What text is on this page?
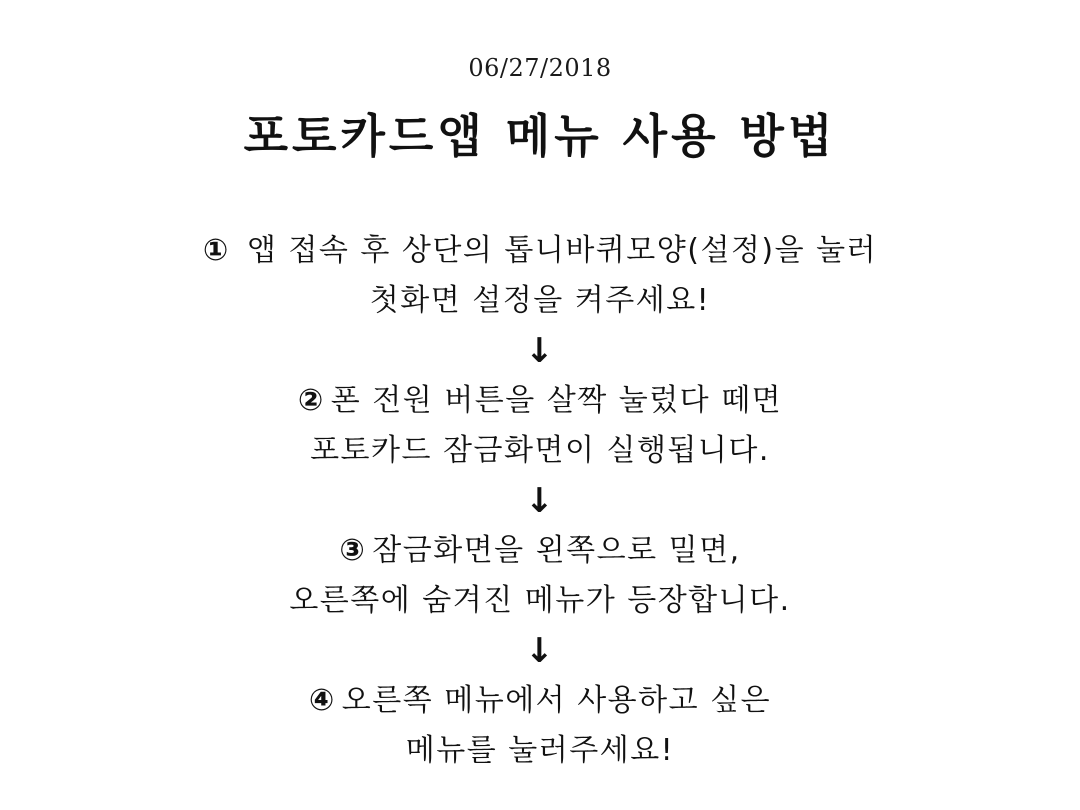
06/27/2018
포토카드앱 메뉴 사용 방법
① 앱 접속 후 상단의 톱니바퀴모양(설정)을 눌러
첫화면 설정을 켜주세요!
↓
② 폰 전원 버튼을 살짝 눌렀다 떼면
포토카드 잠금화면이 실행됩니다.
↓
③ 잠금화면을 왼쪽으로 밀면,
오른쪽에 숨겨진 메뉴가 등장합니다.
↓
④ 오른쪽 메뉴에서 사용하고 싶은
메뉴를 눌러주세요!
